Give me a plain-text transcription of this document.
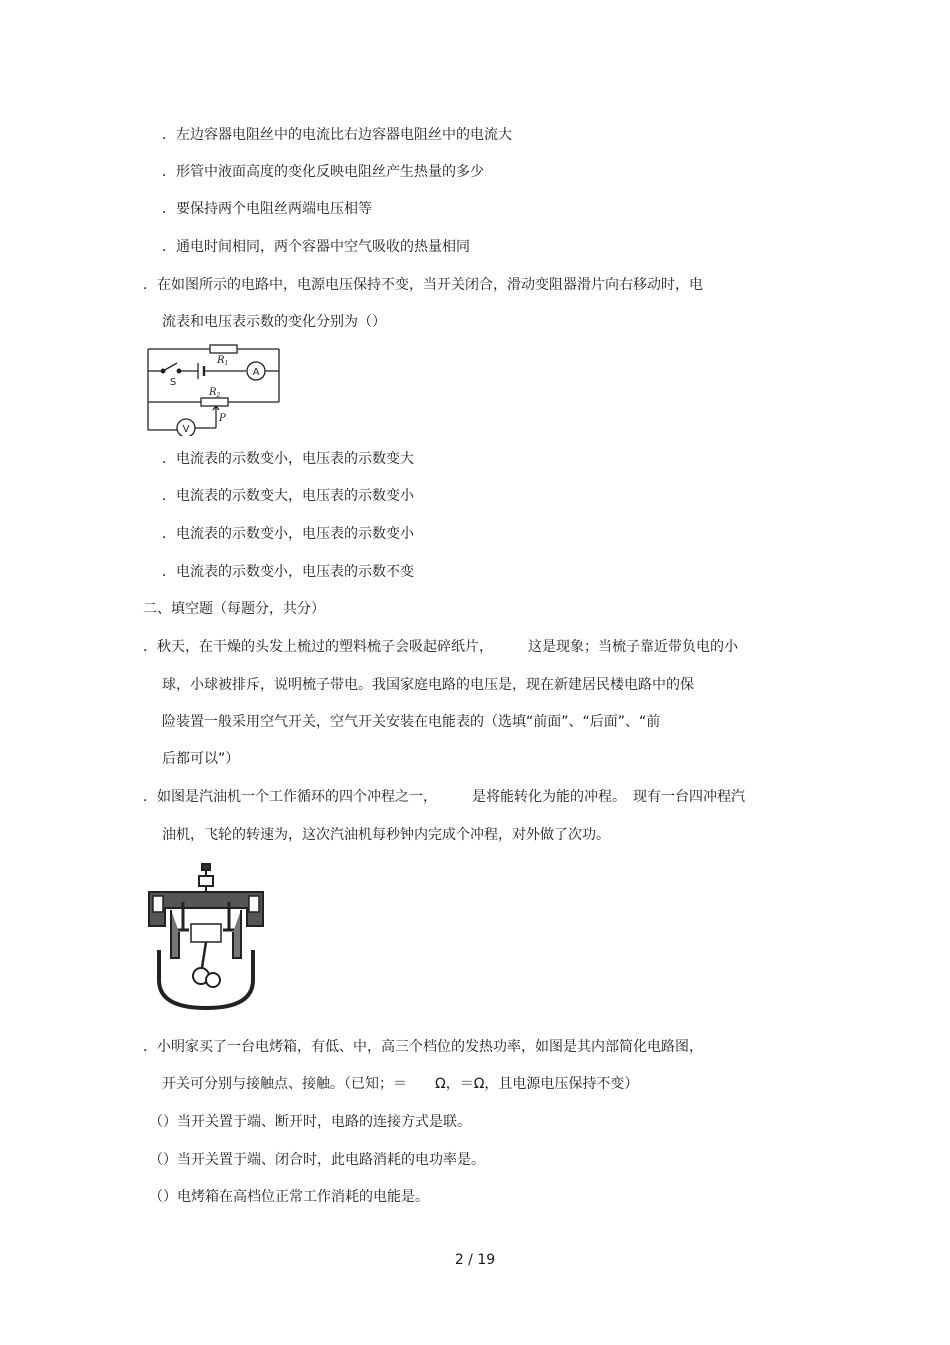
．左边容器电阻丝中的电流比右边容器电阻丝中的电流大
．形管中液面高度的变化反映电阻丝产生热量的多少
．要保持两个电阻丝两端电压相等
．通电时间相同，两个容器中空气吸收的热量相同
．在如图所示的电路中，电源电压保持不变，当开关闭合，滑动变阻器滑片向右移动时，电
流表和电压表示数的变化分别为（）
$R_1$
$R_2$
P
S
A
V
．电流表的示数变小，电压表的示数变大
．电流表的示数变大，电压表的示数变小
．电流表的示数变小，电压表的示数变小
．电流表的示数变小，电压表的示数不变
二、填空题（每题分，共分）
．秋天，在干燥的头发上梳过的塑料梳子会吸起碎纸片，　　　这是现象；当梳子靠近带负电的小
球，小球被排斥，说明梳子带电。我国家庭电路的电压是，现在新建居民楼电路中的保
险装置一般采用空气开关，空气开关安装在电能表的（选填“前面”、“后面”、“前
后都可以”）
．如图是汽油机一个工作循环的四个冲程之一，　　　是将能转化为能的冲程。　现有一台四冲程汽
油机，飞轮的转速为，这次汽油机每秒钟内完成个冲程，对外做了次功。
．小明家买了一台电烤箱，有低、中，高三个档位的发热功率，如图是其内部简化电路图，
开关可分别与接触点、接触。（已知；＝　　Ω，＝Ω，且电源电压保持不变）
（）当开关置于端、断开时，电路的连接方式是联。
（）当开关置于端、闭合时，此电路消耗的电功率是。
（）电烤箱在高档位正常工作消耗的电能是。
2 / 19
